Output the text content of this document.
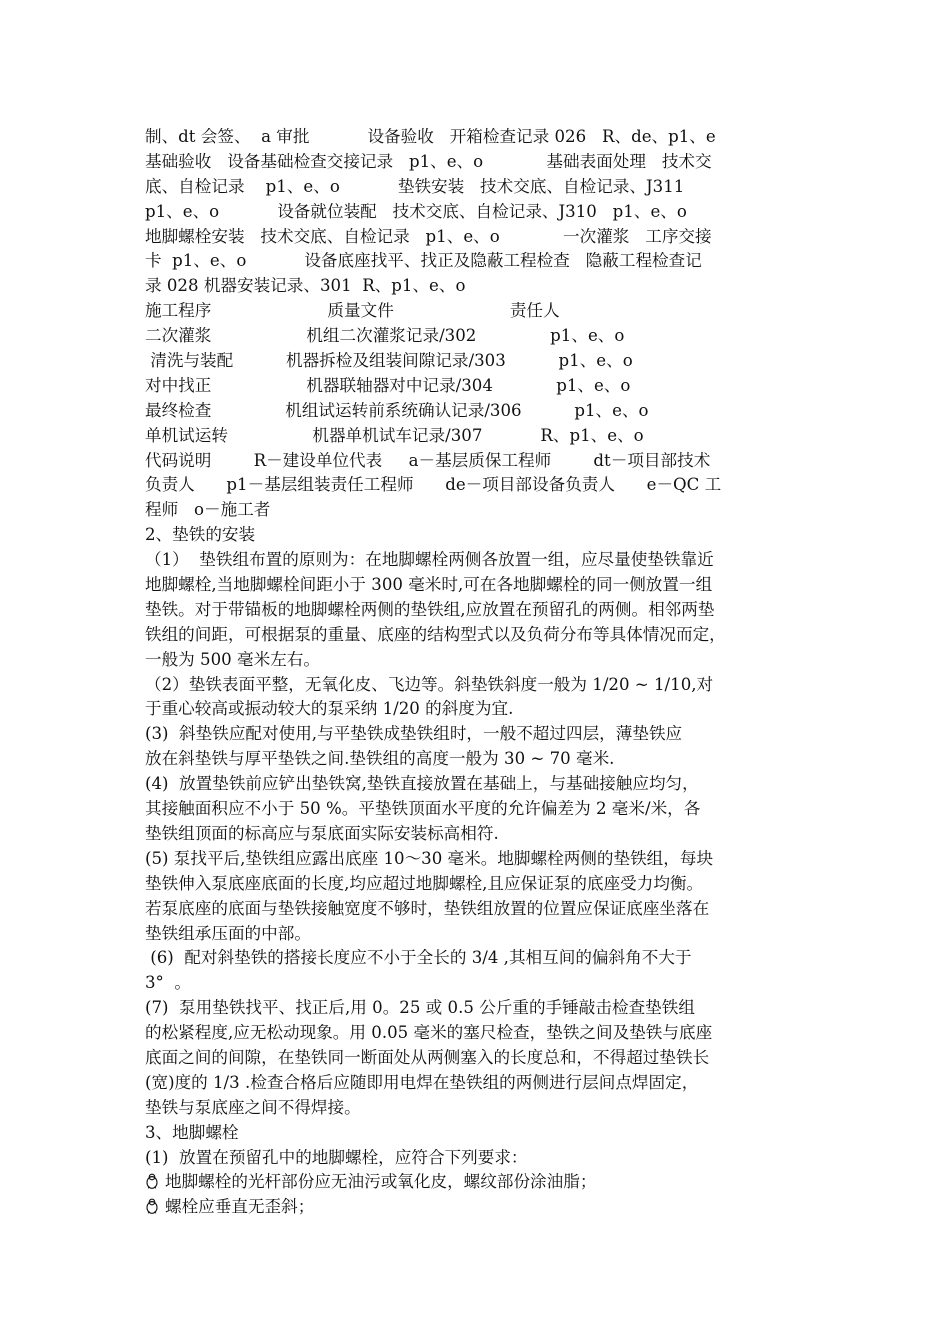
制、dt 会签、  a 审批           设备验收   开箱检查记录 026   R、de、p1、e
基础验收   设备基础检查交接记录   p1、e、o            基础表面处理   技术交
底、自检记录    p1、e、o           垫铁安装   技术交底、自检记录、J311
p1、e、o           设备就位装配   技术交底、自检记录、J310   p1、e、o
地脚螺栓安装   技术交底、自检记录   p1、e、o            一次灌浆   工序交接
卡  p1、e、o           设备底座找平、找正及隐蔽工程检查   隐蔽工程检查记
录 028 机器安装记录、301  R、p1、e、o
施工程序                      质量文件                      责任人
二次灌浆                  机组二次灌浆记录/302              p1、e、o
清洗与装配          机器拆检及组装间隙记录/303          p1、e、o
对中找正                  机器联轴器对中记录/304            p1、e、o
最终检查              机组试运转前系统确认记录/306          p1、e、o
单机试运转                机器单机试车记录/307           R、p1、e、o
代码说明        R－建设单位代表     a－基层质保工程师        dt－项目部技术
负责人      p1－基层组装责任工程师      de－项目部设备负责人      e－QC 工
程师   o－施工者
2、垫铁的安装
（1）  垫铁组布置的原则为：在地脚螺栓两侧各放置一组，应尽量使垫铁靠近
地脚螺栓,当地脚螺栓间距小于 300 毫米时,可在各地脚螺栓的同一侧放置一组
垫铁。对于带锚板的地脚螺栓两侧的垫铁组,应放置在预留孔的两侧。相邻两垫
铁组的间距，可根据泵的重量、底座的结构型式以及负荷分布等具体情况而定，
一般为 500 毫米左右。
（2）垫铁表面平整，无氧化皮、飞边等。斜垫铁斜度一般为 1/20 ~ 1/10,对
于重心较高或振动较大的泵采纳 1/20 的斜度为宜.
(3)  斜垫铁应配对使用,与平垫铁成垫铁组时，一般不超过四层，薄垫铁应
放在斜垫铁与厚平垫铁之间.垫铁组的高度一般为 30 ~ 70 毫米.
(4)  放置垫铁前应铲出垫铁窝,垫铁直接放置在基础上，与基础接触应均匀，
其接触面积应不小于 50 %。平垫铁顶面水平度的允许偏差为 2 毫米/米，各
垫铁组顶面的标高应与泵底面实际安装标高相符.
(5) 泵找平后,垫铁组应露出底座 10～30 毫米。地脚螺栓两侧的垫铁组，每块
垫铁伸入泵底座底面的长度,均应超过地脚螺栓,且应保证泵的底座受力均衡。
若泵底座的底面与垫铁接触宽度不够时，垫铁组放置的位置应保证底座坐落在
垫铁组承压面的中部。
(6)  配对斜垫铁的搭接长度应不小于全长的 3/4 ,其相互间的偏斜角不大于
3°  。
(7)  泵用垫铁找平、找正后,用 0。25 或 0.5 公斤重的手锤敲击检查垫铁组
的松紧程度,应无松动现象。用 0.05 毫米的塞尺检查，垫铁之间及垫铁与底座
底面之间的间隙，在垫铁同一断面处从两侧塞入的长度总和，不得超过垫铁长
(宽)度的 1/3 .检查合格后应随即用电焊在垫铁组的两侧进行层间点焊固定，
垫铁与泵底座之间不得焊接。
3、地脚螺栓
(1)  放置在预留孔中的地脚螺栓，应符合下列要求：
地脚螺栓的光杆部份应无油污或氧化皮，螺纹部份涂油脂；
螺栓应垂直无歪斜；
